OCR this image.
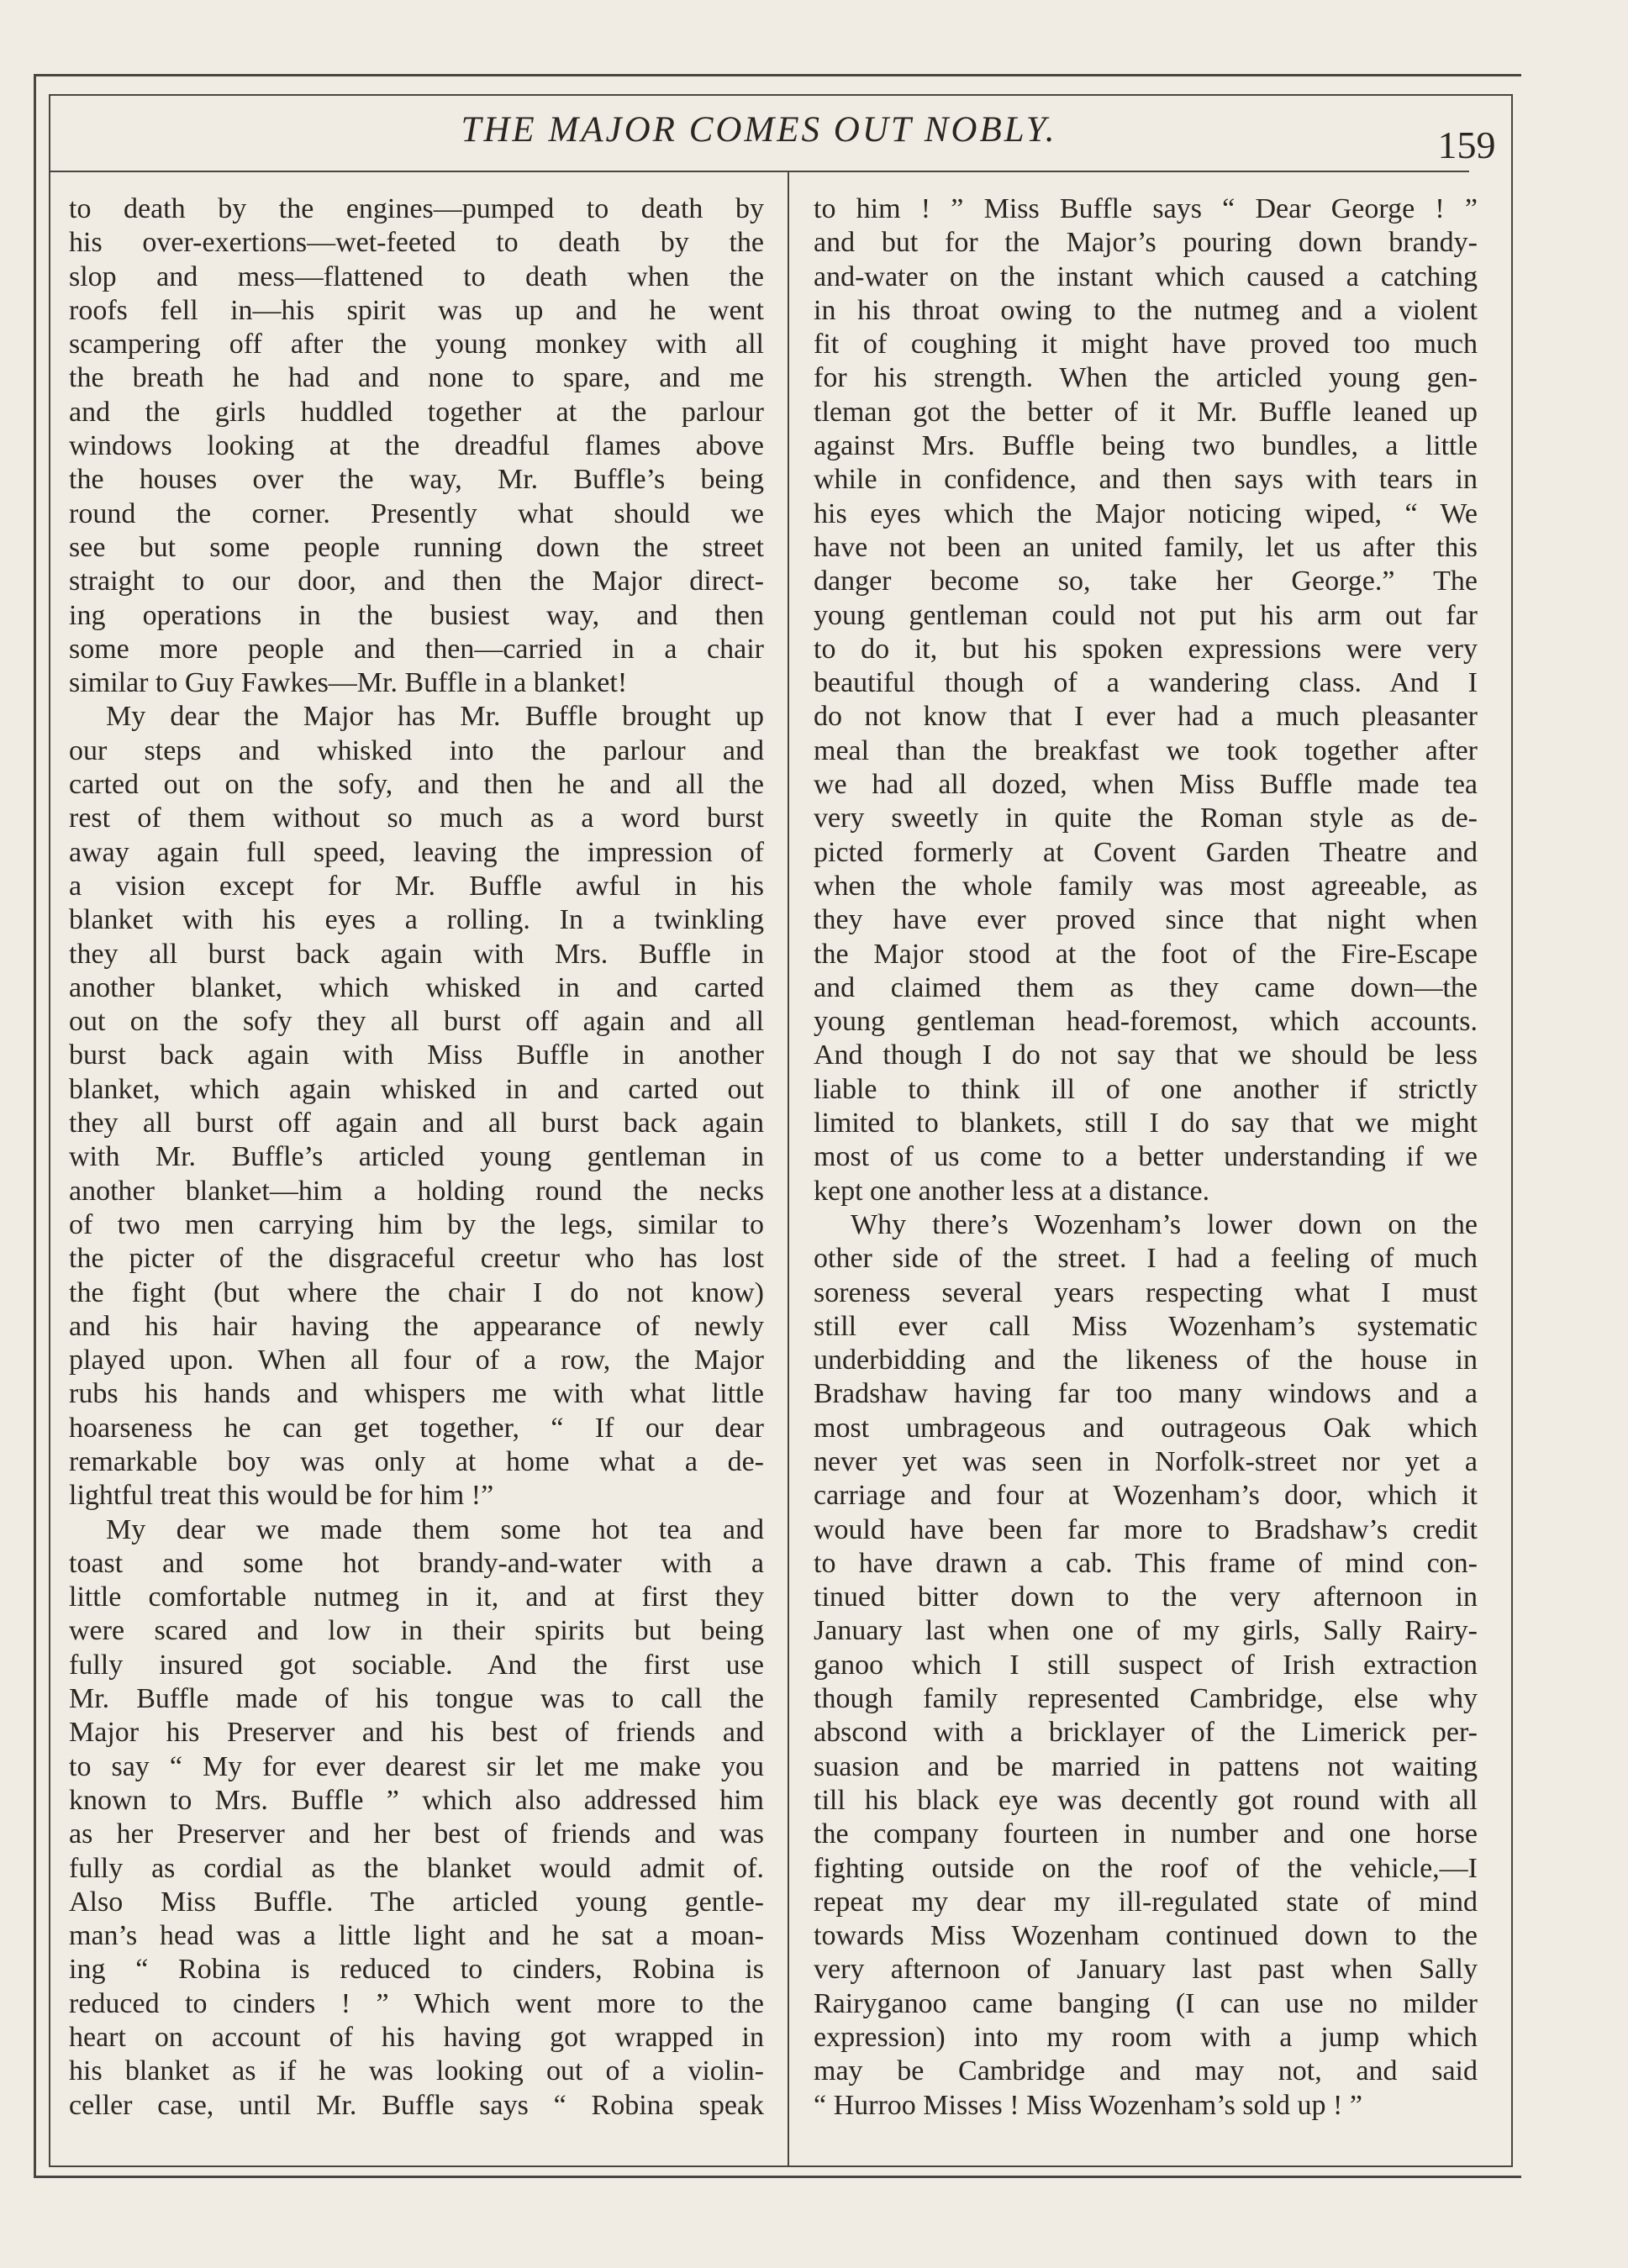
THE MAJOR COMES OUT NOBLY.	159
to death by the engines—pumped to death by
his over-exertions—wet-feeted to death by the
slop and mess—flattened to death when the
roofs fell in—his spirit was up and he went
scampering off after the young monkey with all
the breath he had and none to spare, and me
and the girls huddled together at the parlour
windows looking at the dreadful flames above
the houses over the way, Mr. Buffle’s being
round the corner. Presently what should we
see but some people running down the street
straight to our door, and then the Major direct-
ing operations in the busiest way, and then
some more people and then—carried in a chair
similar to Guy Fawkes—Mr. Buffle in a blanket!
My dear the Major has Mr. Buffle brought up
our steps and whisked into the parlour and
carted out on the sofy, and then he and all the
rest of them without so much as a word burst
away again full speed, leaving the impression of
a vision except for Mr. Buffle awful in his
blanket with his eyes a rolling. In a twinkling
they all burst back again with Mrs. Buffle in
another blanket, which whisked in and carted
out on the sofy they all burst off again and all
burst back again with Miss Buffle in another
blanket, which again whisked in and carted out
they all burst off again and all burst back again
with Mr. Buffle’s articled young gentleman in
another blanket—him a holding round the necks
of two men carrying him by the legs, similar to
the picter of the disgraceful creetur who has lost
the fight (but where the chair I do not know)
and his hair having the appearance of newly
played upon. When all four of a row, the Major
rubs his hands and whispers me with what little
hoarseness he can get together, “ If our dear
remarkable boy was only at home what a de-
lightful treat this would be for him !”
My dear we made them some hot tea and
toast and some hot brandy-and-water with a
little comfortable nutmeg in it, and at first they
were scared and low in their spirits but being
fully insured got sociable. And the first use
Mr. Buffle made of his tongue was to call the
Major his Preserver and his best of friends and
to say “ My for ever dearest sir let me make you
known to Mrs. Buffle ” which also addressed him
as her Preserver and her best of friends and was
fully as cordial as the blanket would admit of.
Also Miss Buffle. The articled young gentle-
man’s head was a little light and he sat a moan-
ing “ Robina is reduced to cinders, Robina is
reduced to cinders ! ” Which went more to the
heart on account of his having got wrapped in
his blanket as if he was looking out of a violin-
celler case, until Mr. Buffle says “ Robina speak
to him ! ” Miss Buffle says “ Dear George ! ”
and but for the Major’s pouring down brandy-
and-water on the instant which caused a catching
in his throat owing to the nutmeg and a violent
fit of coughing it might have proved too much
for his strength. When the articled young gen-
tleman got the better of it Mr. Buffle leaned up
against Mrs. Buffle being two bundles, a little
while in confidence, and then says with tears in
his eyes which the Major noticing wiped, “ We
have not been an united family, let us after this
danger become so, take her George.” The
young gentleman could not put his arm out far
to do it, but his spoken expressions were very
beautiful though of a wandering class. And I
do not know that I ever had a much pleasanter
meal than the breakfast we took together after
we had all dozed, when Miss Buffle made tea
very sweetly in quite the Roman style as de-
picted formerly at Covent Garden Theatre and
when the whole family was most agreeable, as
they have ever proved since that night when
the Major stood at the foot of the Fire-Escape
and claimed them as they came down—the
young gentleman head-foremost, which accounts.
And though I do not say that we should be less
liable to think ill of one another if strictly
limited to blankets, still I do say that we might
most of us come to a better understanding if we
kept one another less at a distance.
Why there’s Wozenham’s lower down on the
other side of the street. I had a feeling of much
soreness several years respecting what I must
still ever call Miss Wozenham’s systematic
underbidding and the likeness of the house in
Bradshaw having far too many windows and a
most umbrageous and outrageous Oak which
never yet was seen in Norfolk-street nor yet a
carriage and four at Wozenham’s door, which it
would have been far more to Bradshaw’s credit
to have drawn a cab. This frame of mind con-
tinued bitter down to the very afternoon in
January last when one of my girls, Sally Rairy-
ganoo which I still suspect of Irish extraction
though family represented Cambridge, else why
abscond with a bricklayer of the Limerick per-
suasion and be married in pattens not waiting
till his black eye was decently got round with all
the company fourteen in number and one horse
fighting outside on the roof of the vehicle,—I
repeat my dear my ill-regulated state of mind
towards Miss Wozenham continued down to the
very afternoon of January last past when Sally
Rairyganoo came banging (I can use no milder
expression) into my room with a jump which
may be Cambridge and may not, and said
“ Hurroo Misses ! Miss Wozenham’s sold up ! ”
